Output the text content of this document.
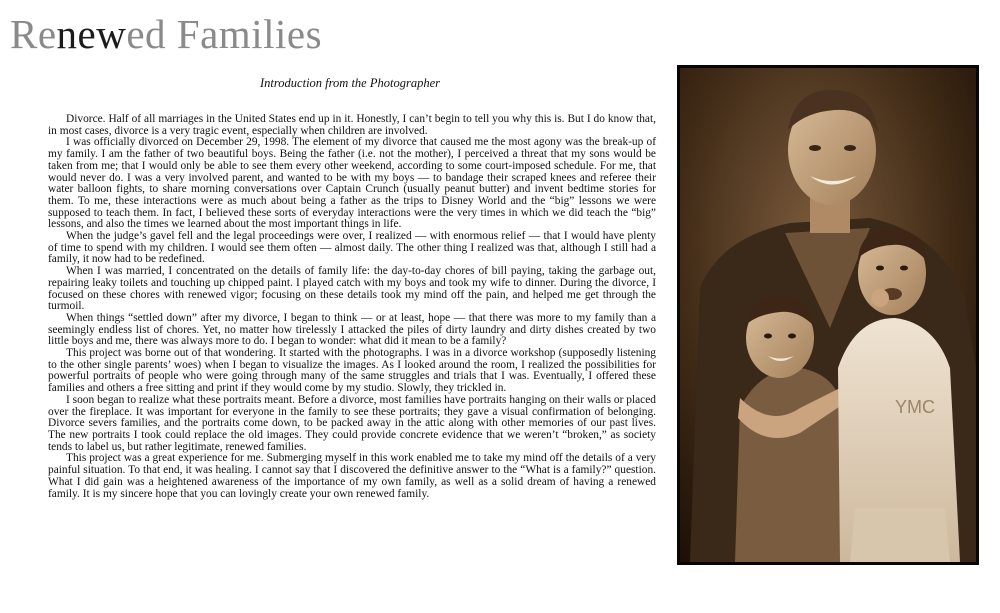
Renewed Families
Introduction from the Photographer

Divorce. Half of all marriages in the United States end up in it. Honestly, I can’t begin to tell you why this is. But I do know that, in most cases, divorce is a very tragic event, especially when children are involved.

I was officially divorced on December 29, 1998. The element of my divorce that caused me the most agony was the break-up of my family. I am the father of two beautiful boys. Being the father (i.e. not the mother), I perceived a threat that my sons would be taken from me; that I would only be able to see them every other weekend, according to some court-imposed schedule. For me, that would never do. I was a very involved parent, and wanted to be with my boys — to bandage their scraped knees and referee their water balloon fights, to share morning conversations over Captain Crunch (usually peanut butter) and invent bedtime stories for them. To me, these interactions were as much about being a father as the trips to Disney World and the “big” lessons we were supposed to teach them. In fact, I believed these sorts of everyday interactions were the very times in which we did teach the “big” lessons, and also the times we learned about the most important things in life.

When the judge’s gavel fell and the legal proceedings were over, I realized — with enormous relief — that I would have plenty of time to spend with my children. I would see them often — almost daily. The other thing I realized was that, although I still had a family, it now had to be redefined.

When I was married, I concentrated on the details of family life: the day-to-day chores of bill paying, taking the garbage out, repairing leaky toilets and touching up chipped paint. I played catch with my boys and took my wife to dinner. During the divorce, I focused on these chores with renewed vigor; focusing on these details took my mind off the pain, and helped me get through the turmoil.

When things “settled down” after my divorce, I began to think — or at least, hope — that there was more to my family than a seemingly endless list of chores. Yet, no matter how tirelessly I attacked the piles of dirty laundry and dirty dishes created by two little boys and me, there was always more to do. I began to wonder: what did it mean to be a family?

This project was borne out of that wondering. It started with the photographs. I was in a divorce workshop (supposedly listening to the other single parents’ woes) when I began to visualize the images. As I looked around the room, I realized the possibilities for powerful portraits of people who were going through many of the same struggles and trials that I was. Eventually, I offered these families and others a free sitting and print if they would come by my studio. Slowly, they trickled in.

I soon began to realize what these portraits meant. Before a divorce, most families have portraits hanging on their walls or placed over the fireplace. It was important for everyone in the family to see these portraits; they gave a visual confirmation of belonging. Divorce severs families, and the portraits come down, to be packed away in the attic along with other memories of our past lives. The new portraits I took could replace the old images. They could provide concrete evidence that we weren’t “broken,” as society tends to label us, but rather legitimate, renewed families.

This project was a great experience for me. Submerging myself in this work enabled me to take my mind off the details of a very painful situation. To that end, it was healing. I cannot say that I discovered the definitive answer to the “What is a family?” question. What I did gain was a heightened awareness of the importance of my own family, as well as a solid dream of having a renewed family. It is my sincere hope that you can lovingly create your own renewed family.

YMC
